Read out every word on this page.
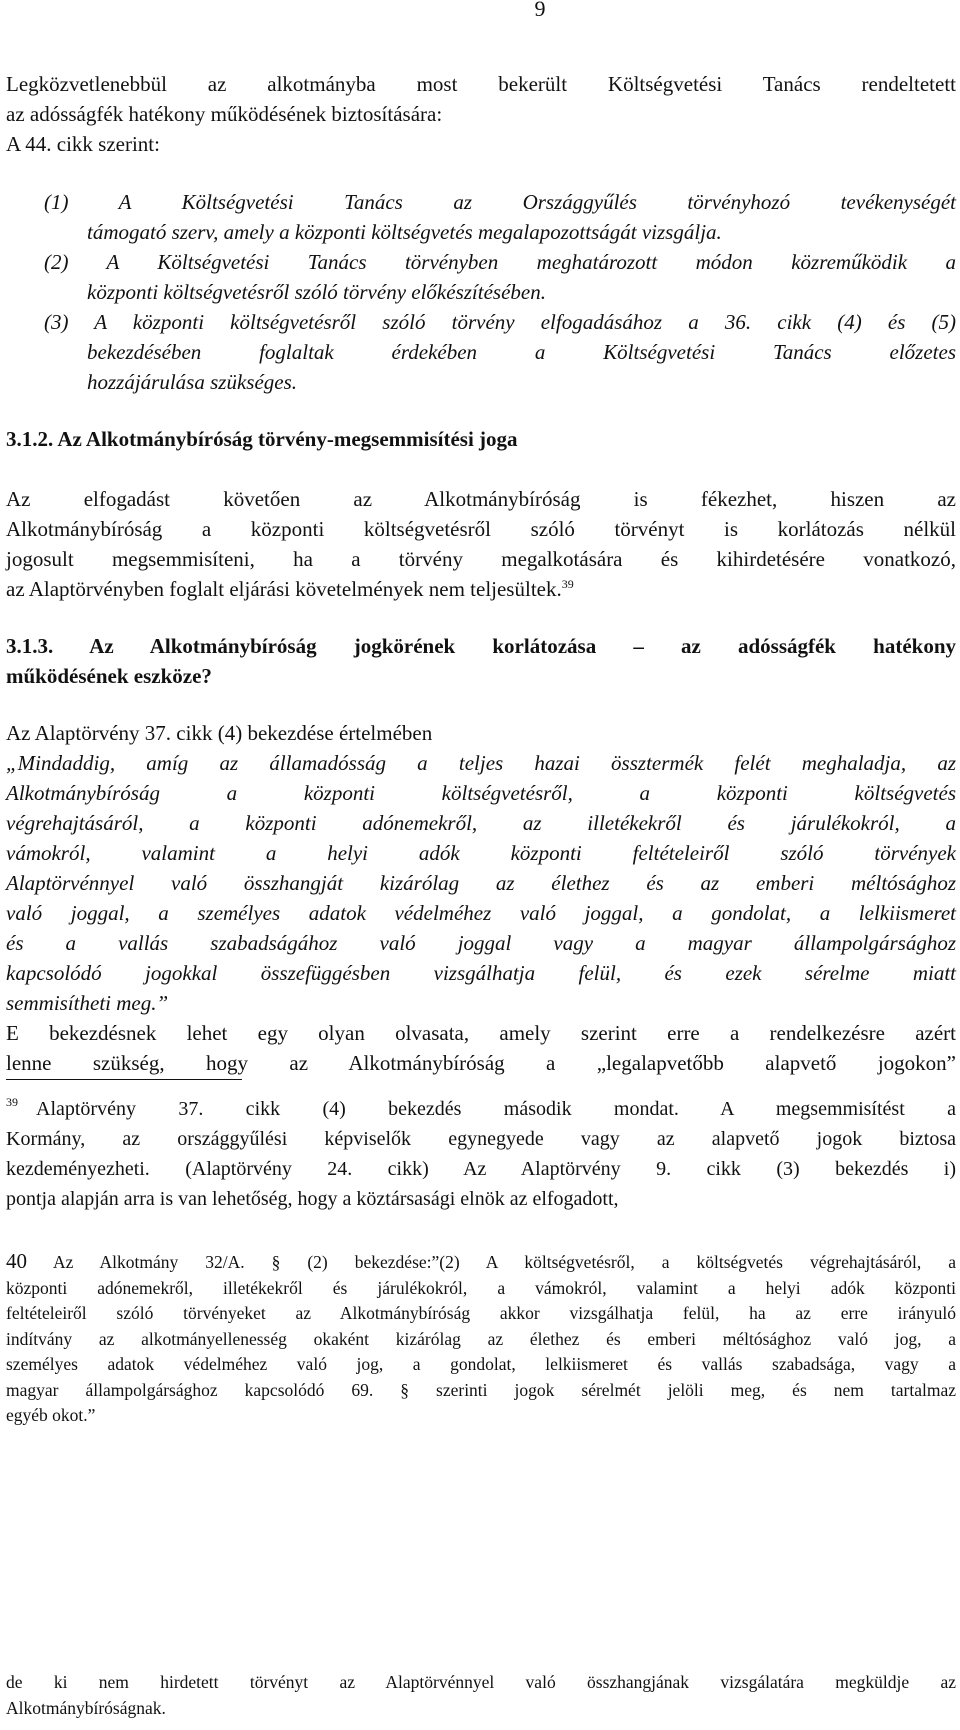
9
Legközvetlenebbül az alkotmányba most bekerült Költségvetési Tanács rendeltetett
az adósságfék hatékony működésének biztosítására:
A 44. cikk szerint:
(1) A Költségvetési Tanács az Országgyűlés törvényhozó tevékenységét
támogató szerv, amely a központi költségvetés megalapozottságát vizsgálja.
(2) A Költségvetési Tanács törvényben meghatározott módon közreműködik a
központi költségvetésről szóló törvény előkészítésében.
(3) A központi költségvetésről szóló törvény elfogadásához a 36. cikk (4) és (5)
bekezdésében foglaltak érdekében a Költségvetési Tanács előzetes
hozzájárulása szükséges.
3.1.2. Az Alkotmánybíróság törvény-megsemmisítési joga
Az elfogadást követően az Alkotmánybíróság is fékezhet, hiszen az
Alkotmánybíróság a központi költségvetésről szóló törvényt is korlátozás nélkül
jogosult megsemmisíteni, ha a törvény megalkotására és kihirdetésére vonatkozó,
az Alaptörvényben foglalt eljárási követelmények nem teljesültek.$^{39}$
3.1.3. Az Alkotmánybíróság jogkörének korlátozása – az adósságfék hatékony
működésének eszköze?
Az Alaptörvény 37. cikk (4) bekezdése értelmében
„Mindaddig, amíg az államadósság a teljes hazai össztermék felét meghaladja, az
Alkotmánybíróság a központi költségvetésről, a központi költségvetés
végrehajtásáról, a központi adónemekről, az illetékekről és járulékokról, a
vámokról, valamint a helyi adók központi feltételeiről szóló törvények
Alaptörvénnyel való összhangját kizárólag az élethez és az emberi méltósághoz
való joggal, a személyes adatok védelméhez való joggal, a gondolat, a lelkiismeret
és a vallás szabadságához való joggal vagy a magyar állampolgársághoz
kapcsolódó jogokkal összefüggésben vizsgálhatja felül, és ezek sérelme miatt
semmisítheti meg.”
E bekezdésnek lehet egy olyan olvasata, amely szerint erre a rendelkezésre azért
lenne szükség, hogy az Alkotmánybíróság a „legalapvetőbb alapvető jogokon”
$^{39}$ Alaptörvény 37. cikk (4) bekezdés második mondat. A megsemmisítést a
Kormány, az országgyűlési képviselők egynegyede vagy az alapvető jogok biztosa
kezdeményezheti. (Alaptörvény 24. cikk) Az Alaptörvény 9. cikk (3) bekezdés i)
pontja alapján arra is van lehetőség, hogy a köztársasági elnök az elfogadott,
40 Az Alkotmány 32/A. § (2) bekezdése:”(2) A költségvetésről, a költségvetés végrehajtásáról, a
központi adónemekről, illetékekről és járulékokról, a vámokról, valamint a helyi adók központi
feltételeiről szóló törvényeket az Alkotmánybíróság akkor vizsgálhatja felül, ha az erre irányuló
indítvány az alkotmányellenesség okaként kizárólag az élethez és emberi méltósághoz való jog, a
személyes adatok védelméhez való jog, a gondolat, lelkiismeret és vallás szabadsága, vagy a
magyar állampolgársághoz kapcsolódó 69. § szerinti jogok sérelmét jelöli meg, és nem tartalmaz
egyéb okot.”
de ki nem hirdetett törvényt az Alaptörvénnyel való összhangjának vizsgálatára megküldje az
Alkotmánybíróságnak.
